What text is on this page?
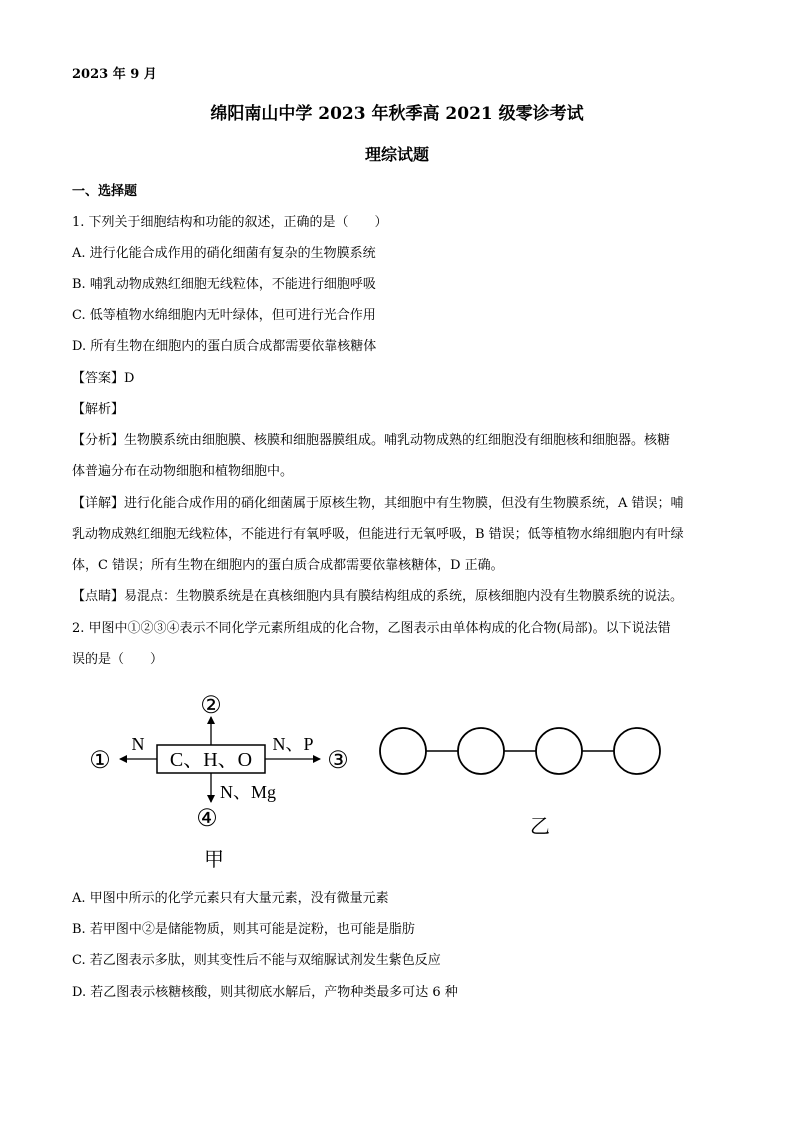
2023 年 9 月
绵阳南山中学 2023 年秋季高 2021 级零诊考试
理综试题
一、选择题
1. 下列关于细胞结构和功能的叙述，正确的是（　　）
A. 进行化能合成作用的硝化细菌有复杂的生物膜系统
B. 哺乳动物成熟红细胞无线粒体，不能进行细胞呼吸
C. 低等植物水绵细胞内无叶绿体，但可进行光合作用
D. 所有生物在细胞内的蛋白质合成都需要依靠核糖体
【答案】D
【解析】
【分析】生物膜系统由细胞膜、核膜和细胞器膜组成。哺乳动物成熟的红细胞没有细胞核和细胞器。核糖
体普遍分布在动物细胞和植物细胞中。
【详解】进行化能合成作用的硝化细菌属于原核生物，其细胞中有生物膜，但没有生物膜系统，A 错误；哺
乳动物成熟红细胞无线粒体，不能进行有氧呼吸，但能进行无氧呼吸，B 错误；低等植物水绵细胞内有叶绿
体，C 错误；所有生物在细胞内的蛋白质合成都需要依靠核糖体，D 正确。
【点睛】易混点：生物膜系统是在真核细胞内具有膜结构组成的系统，原核细胞内没有生物膜系统的说法。
2. 甲图中①②③④表示不同化学元素所组成的化合物，乙图表示由单体构成的化合物(局部)。以下说法错
误的是（　　）
C、H、O
N
①
②
N、P
③
N、Mg
④
甲
乙
A. 甲图中所示的化学元素只有大量元素，没有微量元素
B. 若甲图中②是储能物质，则其可能是淀粉，也可能是脂肪
C. 若乙图表示多肽，则其变性后不能与双缩脲试剂发生紫色反应
D. 若乙图表示核糖核酸，则其彻底水解后，产物种类最多可达 6 种
